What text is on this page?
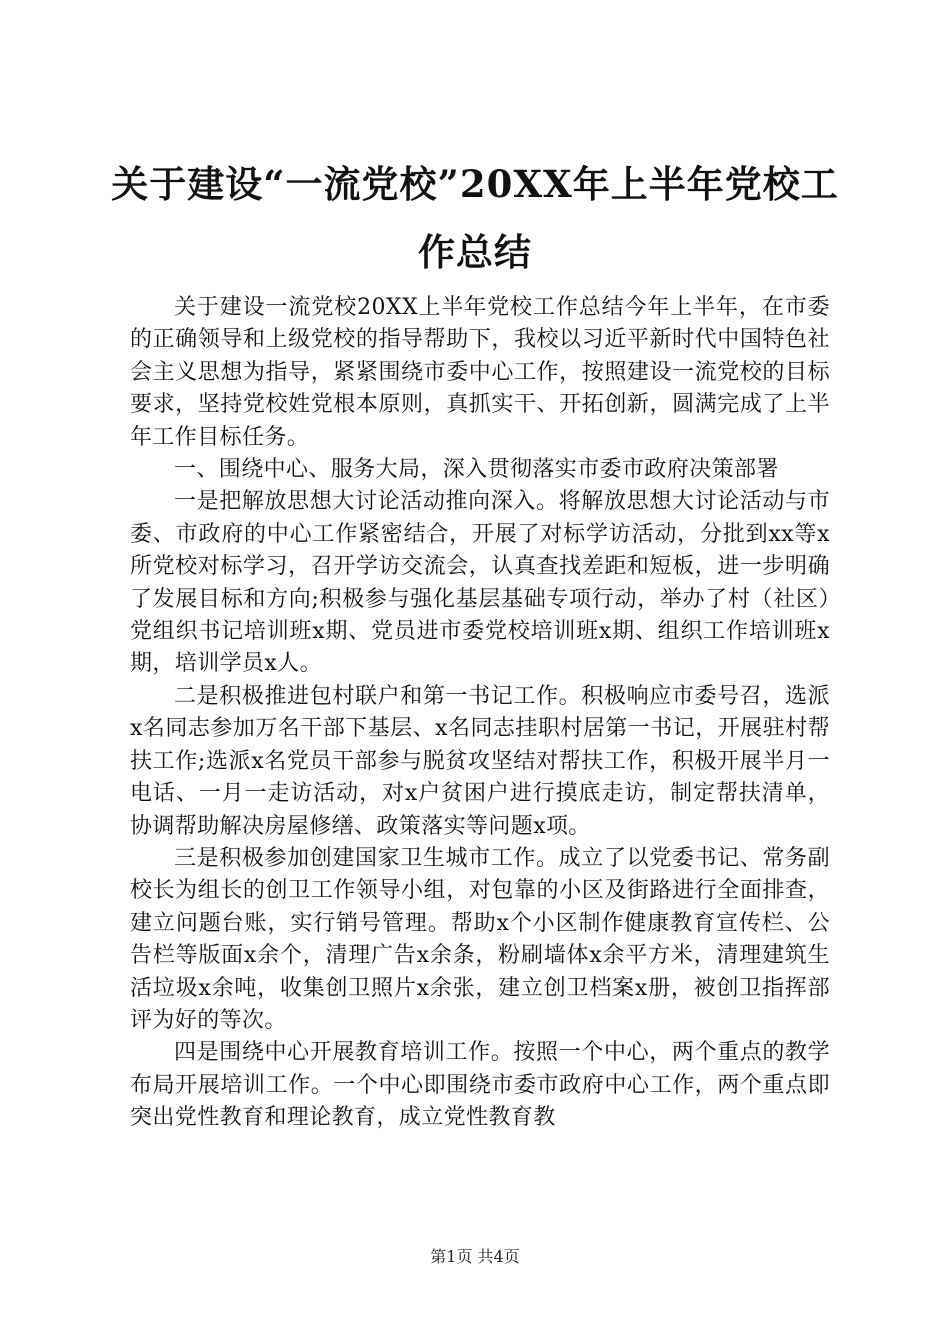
关于建设“一流党校”20XX年上半年党校工
作总结

关于建设一流党校20XX上半年党校工作总结今年上半年，在市委的正确领导和上级党校的指导帮助下，我校以习近平新时代中国特色社会主义思想为指导，紧紧围绕市委中心工作，按照建设一流党校的目标要求，坚持党校姓党根本原则，真抓实干、开拓创新，圆满完成了上半年工作目标任务。

一、围绕中心、服务大局，深入贯彻落实市委市政府决策部署

一是把解放思想大讨论活动推向深入。将解放思想大讨论活动与市委、市政府的中心工作紧密结合，开展了对标学访活动，分批到xx等x所党校对标学习，召开学访交流会，认真查找差距和短板，进一步明确了发展目标和方向;积极参与强化基层基础专项行动，举办了村（社区）党组织书记培训班x期、党员进市委党校培训班x期、组织工作培训班x期，培训学员x人。

二是积极推进包村联户和第一书记工作。积极响应市委号召，选派x名同志参加万名干部下基层、x名同志挂职村居第一书记，开展驻村帮扶工作;选派x名党员干部参与脱贫攻坚结对帮扶工作，积极开展半月一电话、一月一走访活动，对x户贫困户进行摸底走访，制定帮扶清单，协调帮助解决房屋修缮、政策落实等问题x项。

三是积极参加创建国家卫生城市工作。成立了以党委书记、常务副校长为组长的创卫工作领导小组，对包靠的小区及街路进行全面排查，建立问题台账，实行销号管理。帮助x个小区制作健康教育宣传栏、公告栏等版面x余个，清理广告x余条，粉刷墙体x余平方米，清理建筑生活垃圾x余吨，收集创卫照片x余张，建立创卫档案x册，被创卫指挥部评为好的等次。

四是围绕中心开展教育培训工作。按照一个中心，两个重点的教学布局开展培训工作。一个中心即围绕市委市政府中心工作，两个重点即突出党性教育和理论教育，成立党性教育教

第1页 共4页
